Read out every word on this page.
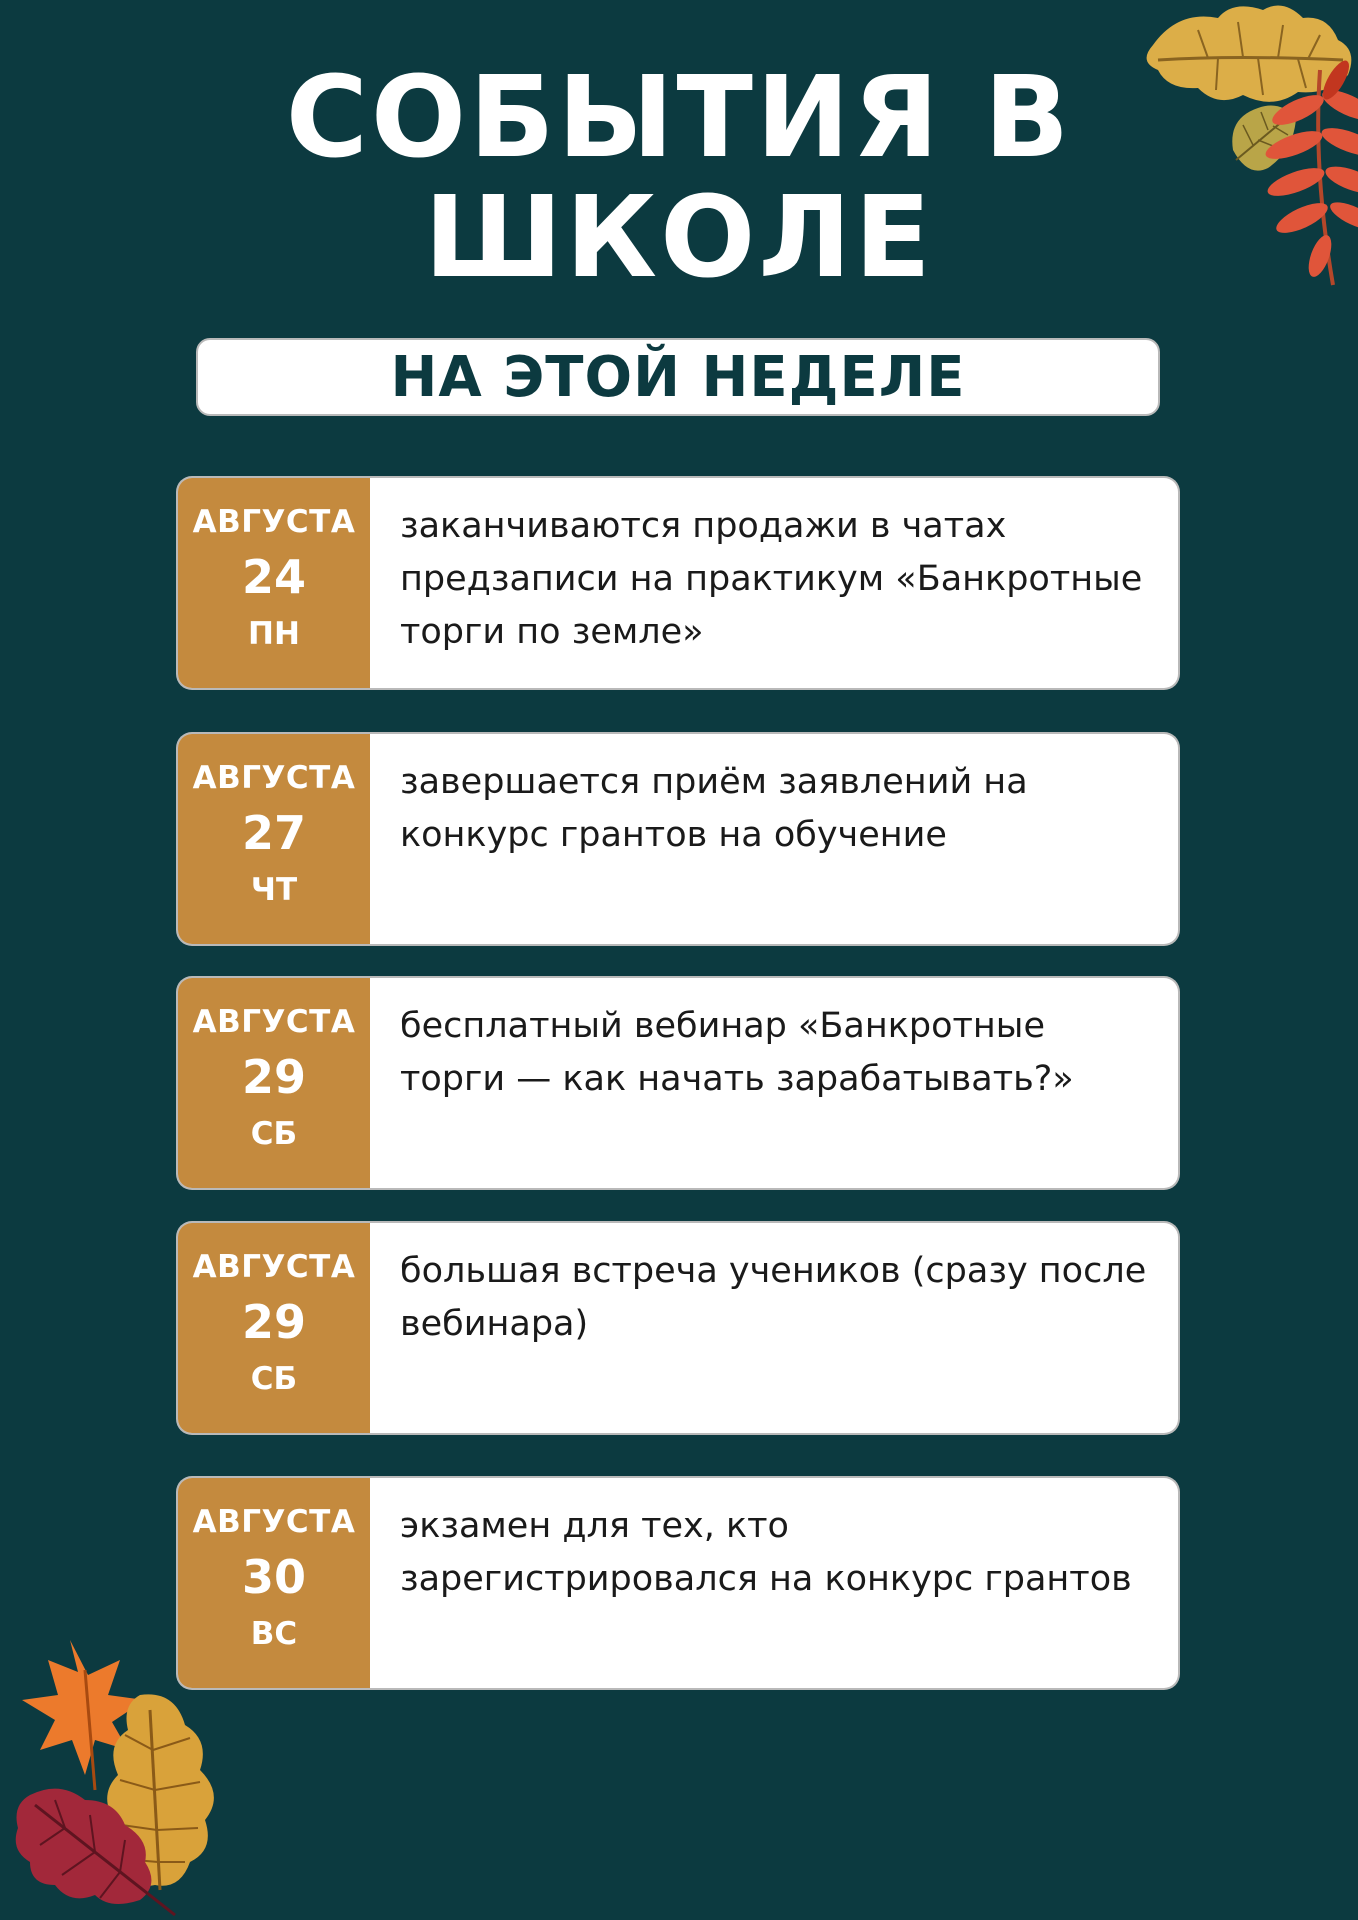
СОБЫТИЯ В
ШКОЛЕ
НА ЭТОЙ НЕДЕЛЕ
АВГУСТА
24
ПН
заканчиваются продажи в чатах предзаписи на практикум «Банкротные торги по земле»
АВГУСТА
27
ЧТ
завершается приём заявлений на конкурс грантов на обучение
АВГУСТА
29
СБ
бесплатный вебинар «Банкротные торги — как начать зарабатывать?»
АВГУСТА
29
СБ
большая встреча учеников (сразу после вебинара)
АВГУСТА
30
ВС
экзамен для тех, кто зарегистрировался на конкурс грантов
